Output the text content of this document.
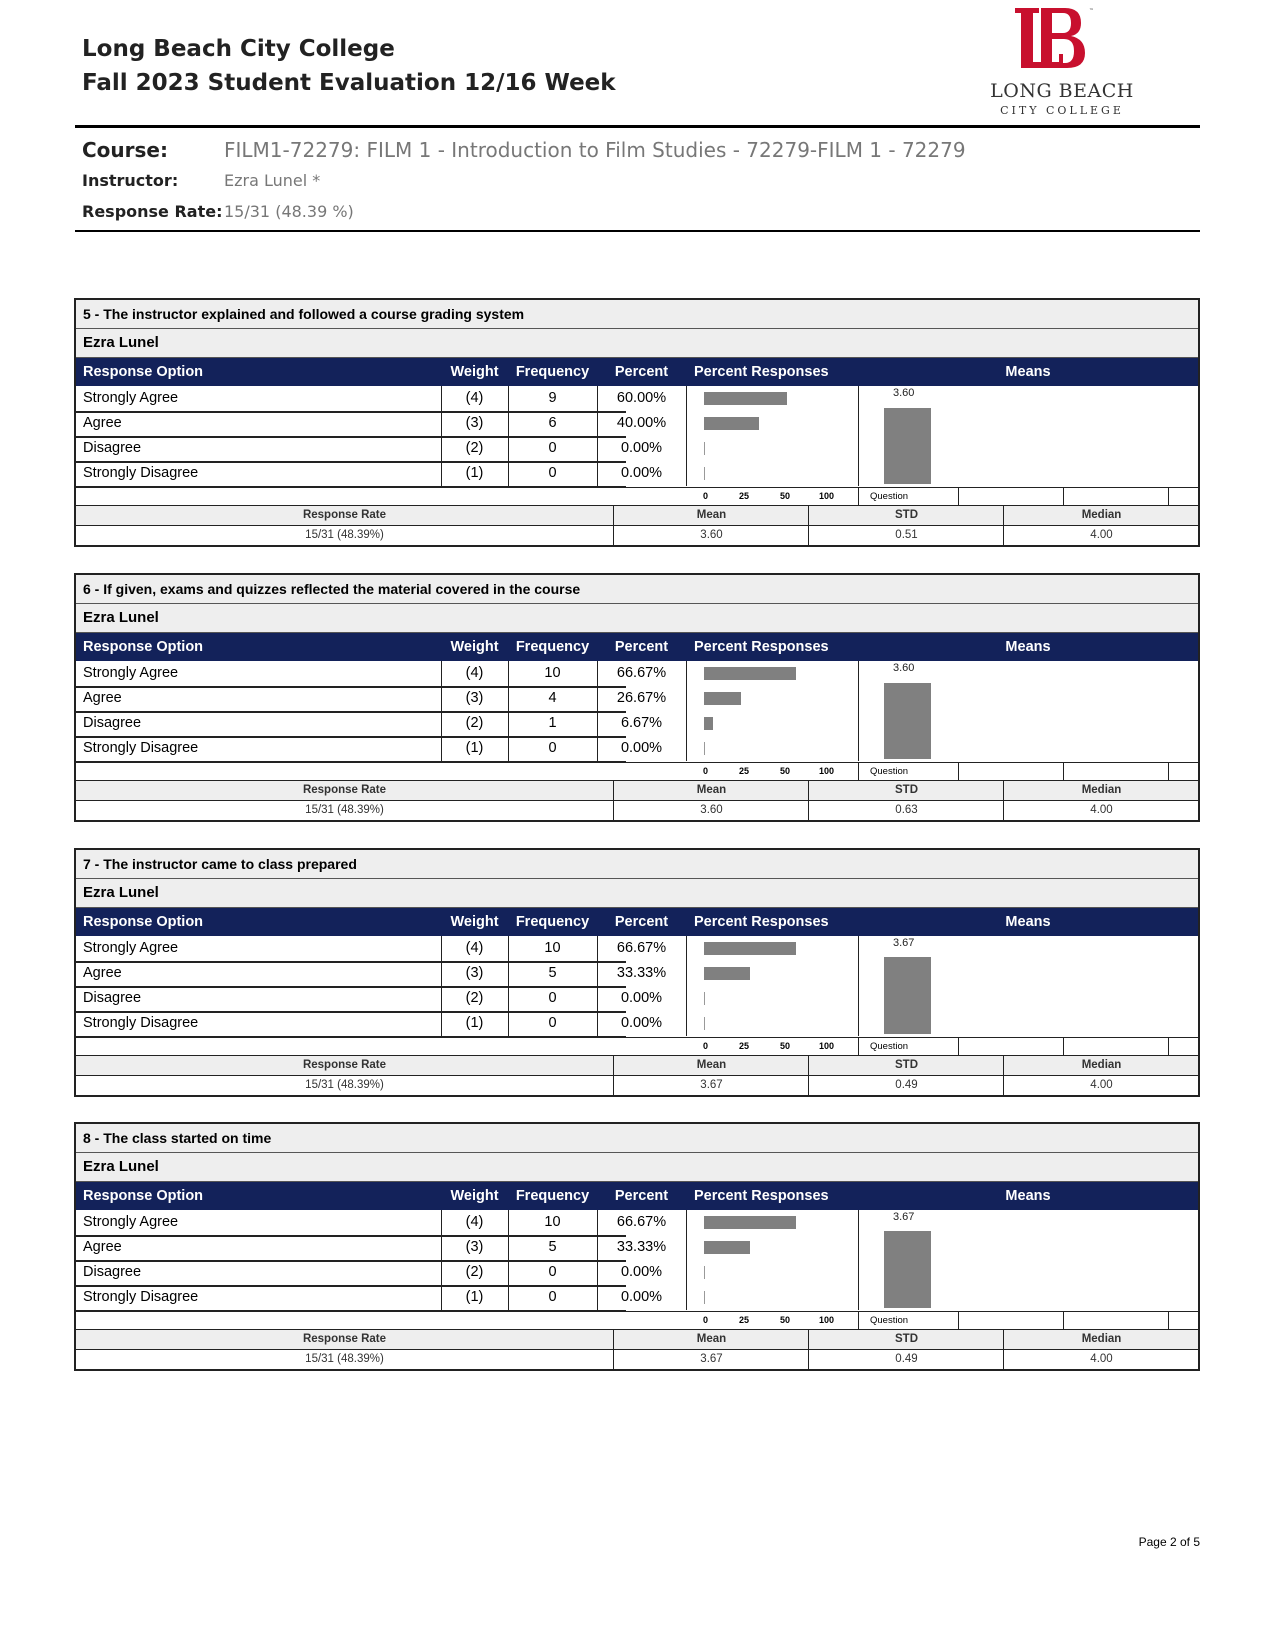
Long Beach City College
Fall 2023 Student Evaluation 12/16 Week
™
LONG BEACH
CITY COLLEGE
Course:	FILM1-72279: FILM 1 - Introduction to Film Studies - 72279-FILM 1 - 72279
Instructor:	Ezra Lunel *
Response Rate: 15/31 (48.39 %)
5 - The instructor explained and followed a course grading system
Ezra Lunel
Response Option	Weight	Frequency	Percent	Percent Responses	Means
Strongly Agree	(4)	9	60.00%
Agree	(3)	6	40.00%
Disagree	(2)	0	0.00%
Strongly Disagree	(1)	0	0.00%
3.60
0	25	50	100	Question
Response Rate	Mean	STD	Median
15/31 (48.39%)	3.60	0.51	4.00
6 - If given, exams and quizzes reflected the material covered in the course
Ezra Lunel
Response Option	Weight	Frequency	Percent	Percent Responses	Means
Strongly Agree	(4)	10	66.67%
Agree	(3)	4	26.67%
Disagree	(2)	1	6.67%
Strongly Disagree	(1)	0	0.00%
3.60
0	25	50	100	Question
Response Rate	Mean	STD	Median
15/31 (48.39%)	3.60	0.63	4.00
7 - The instructor came to class prepared
Ezra Lunel
Response Option	Weight	Frequency	Percent	Percent Responses	Means
Strongly Agree	(4)	10	66.67%
Agree	(3)	5	33.33%
Disagree	(2)	0	0.00%
Strongly Disagree	(1)	0	0.00%
3.67
0	25	50	100	Question
Response Rate	Mean	STD	Median
15/31 (48.39%)	3.67	0.49	4.00
8 - The class started on time
Ezra Lunel
Response Option	Weight	Frequency	Percent	Percent Responses	Means
Strongly Agree	(4)	10	66.67%
Agree	(3)	5	33.33%
Disagree	(2)	0	0.00%
Strongly Disagree	(1)	0	0.00%
3.67
0	25	50	100	Question
Response Rate	Mean	STD	Median
15/31 (48.39%)	3.67	0.49	4.00
Page 2 of 5
